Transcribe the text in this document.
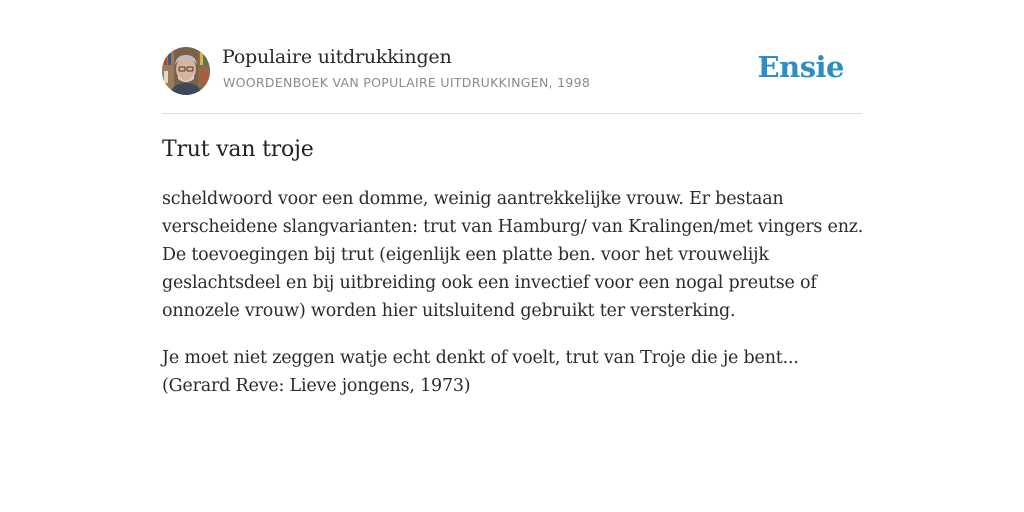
Populaire uitdrukkingen
WOORDENBOEK VAN POPULAIRE UITDRUKKINGEN, 1998	Ensie
Trut van troje

scheldwoord voor een domme, weinig aantrekkelijke vrouw. Er bestaan verscheidene slangvarianten: trut van Hamburg/ van Kralingen/met vingers enz. De toevoegingen bij trut (eigenlijk een platte ben. voor het vrouwelijk geslachtsdeel en bij uitbreiding ook een invectief voor een nogal preutse of onnozele vrouw) worden hier uitsluitend gebruikt ter versterking.

Je moet niet zeggen watje echt denkt of voelt, trut van Troje die je bent... (Gerard Reve: Lieve jongens, 1973)
